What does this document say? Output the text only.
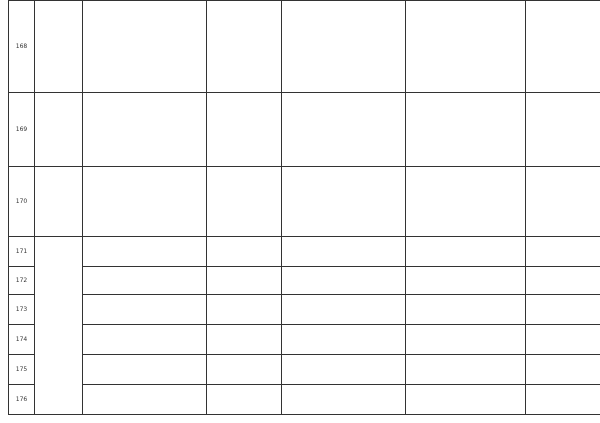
168						
169						
170						
171						
172						
173						
174						
175						
176						
